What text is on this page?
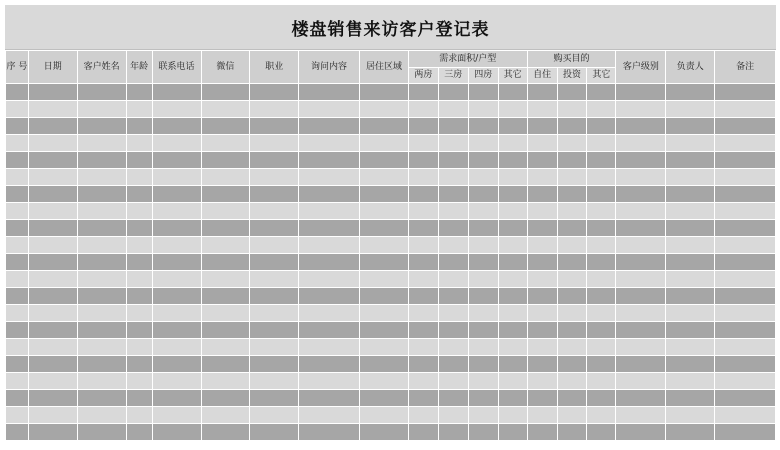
楼盘销售来访客户登记表
序 号	日期	客户姓名	年龄	联系电话	微信	职业	询问内容	居住区域	需求面积/户型				购买目的			客户级别	负责人	备注
									两房	三房	四房	其它	自住	投资	其它			
